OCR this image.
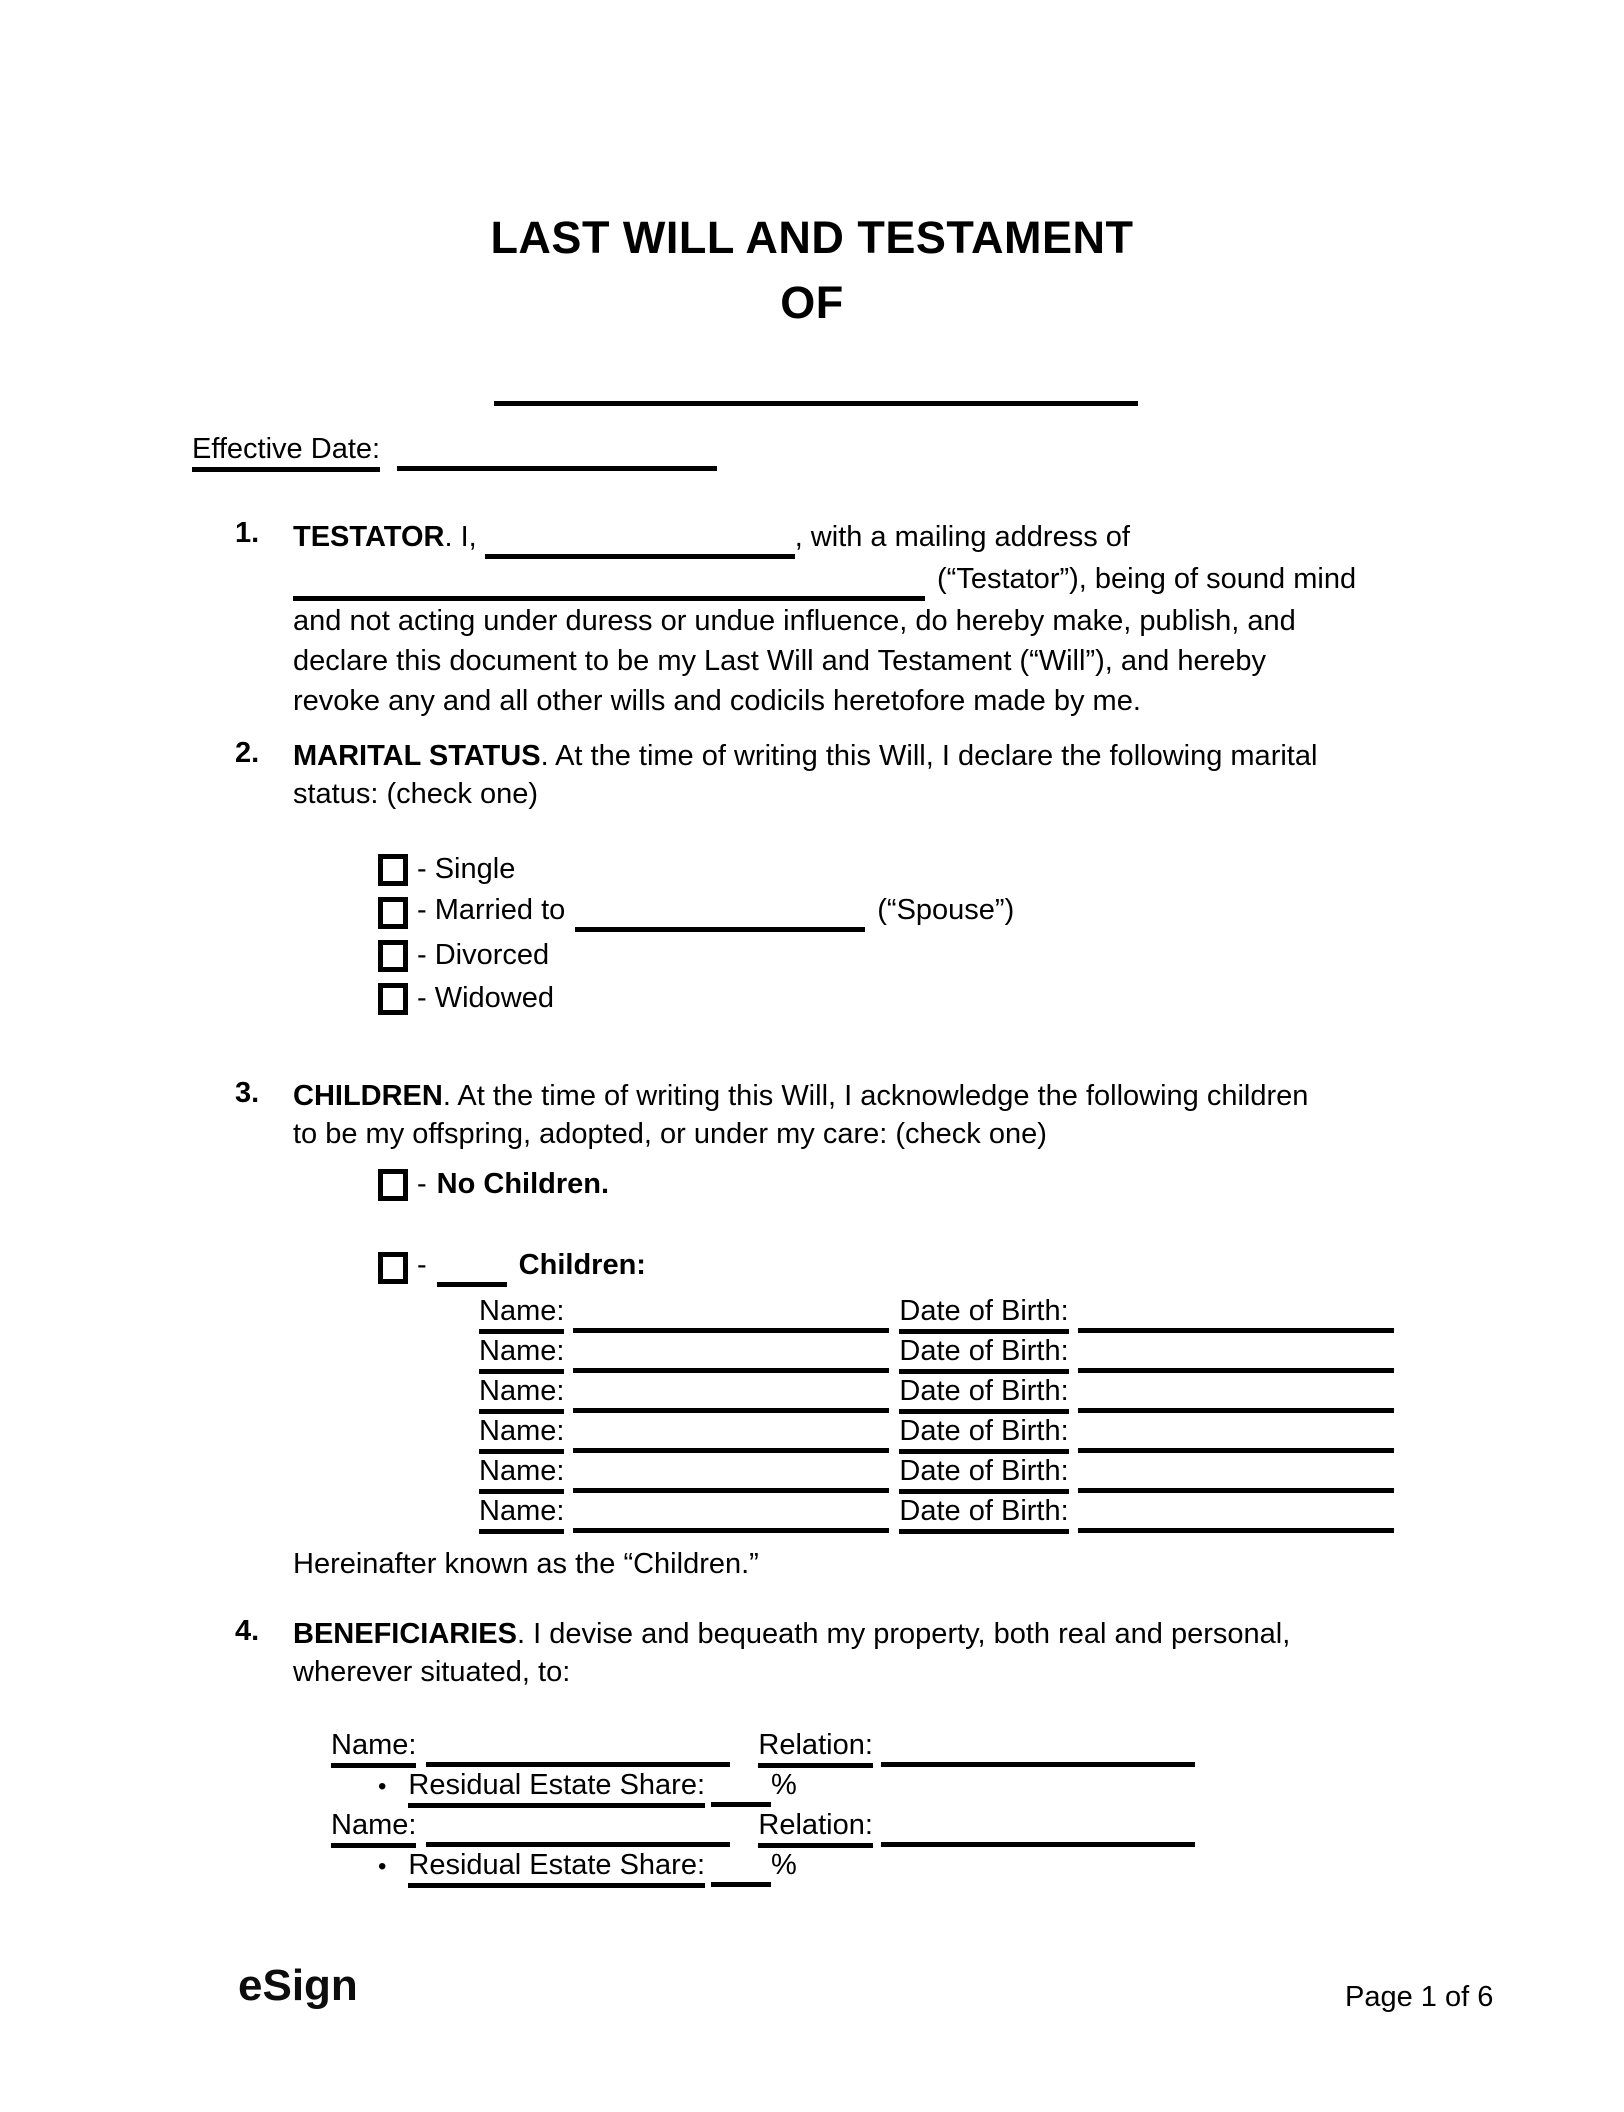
LAST WILL AND TESTAMENT
OF
Effective Date:
1. TESTATOR. I,	, with a mailing address of
(“Testator”), being of sound mind
and not acting under duress or undue influence, do hereby make, publish, and
declare this document to be my Last Will and Testament (“Will”), and hereby
revoke any and all other wills and codicils heretofore made by me.
2. MARITAL STATUS. At the time of writing this Will, I declare the following marital
status: (check one)
- Single
- Married to	(“Spouse”)
- Divorced
- Widowed
3. CHILDREN. At the time of writing this Will, I acknowledge the following children
to be my offspring, adopted, or under my care: (check one)
- No Children.
-	Children:
Name:	Date of Birth:
Name:	Date of Birth:
Name:	Date of Birth:
Name:	Date of Birth:
Name:	Date of Birth:
Name:	Date of Birth:
Hereinafter known as the “Children.”
4. BENEFICIARIES. I devise and bequeath my property, both real and personal,
wherever situated, to:
Name:	Relation:
• Residual Estate Share: %
Name:	Relation:
• Residual Estate Share: %
eSign	Page 1 of 6
